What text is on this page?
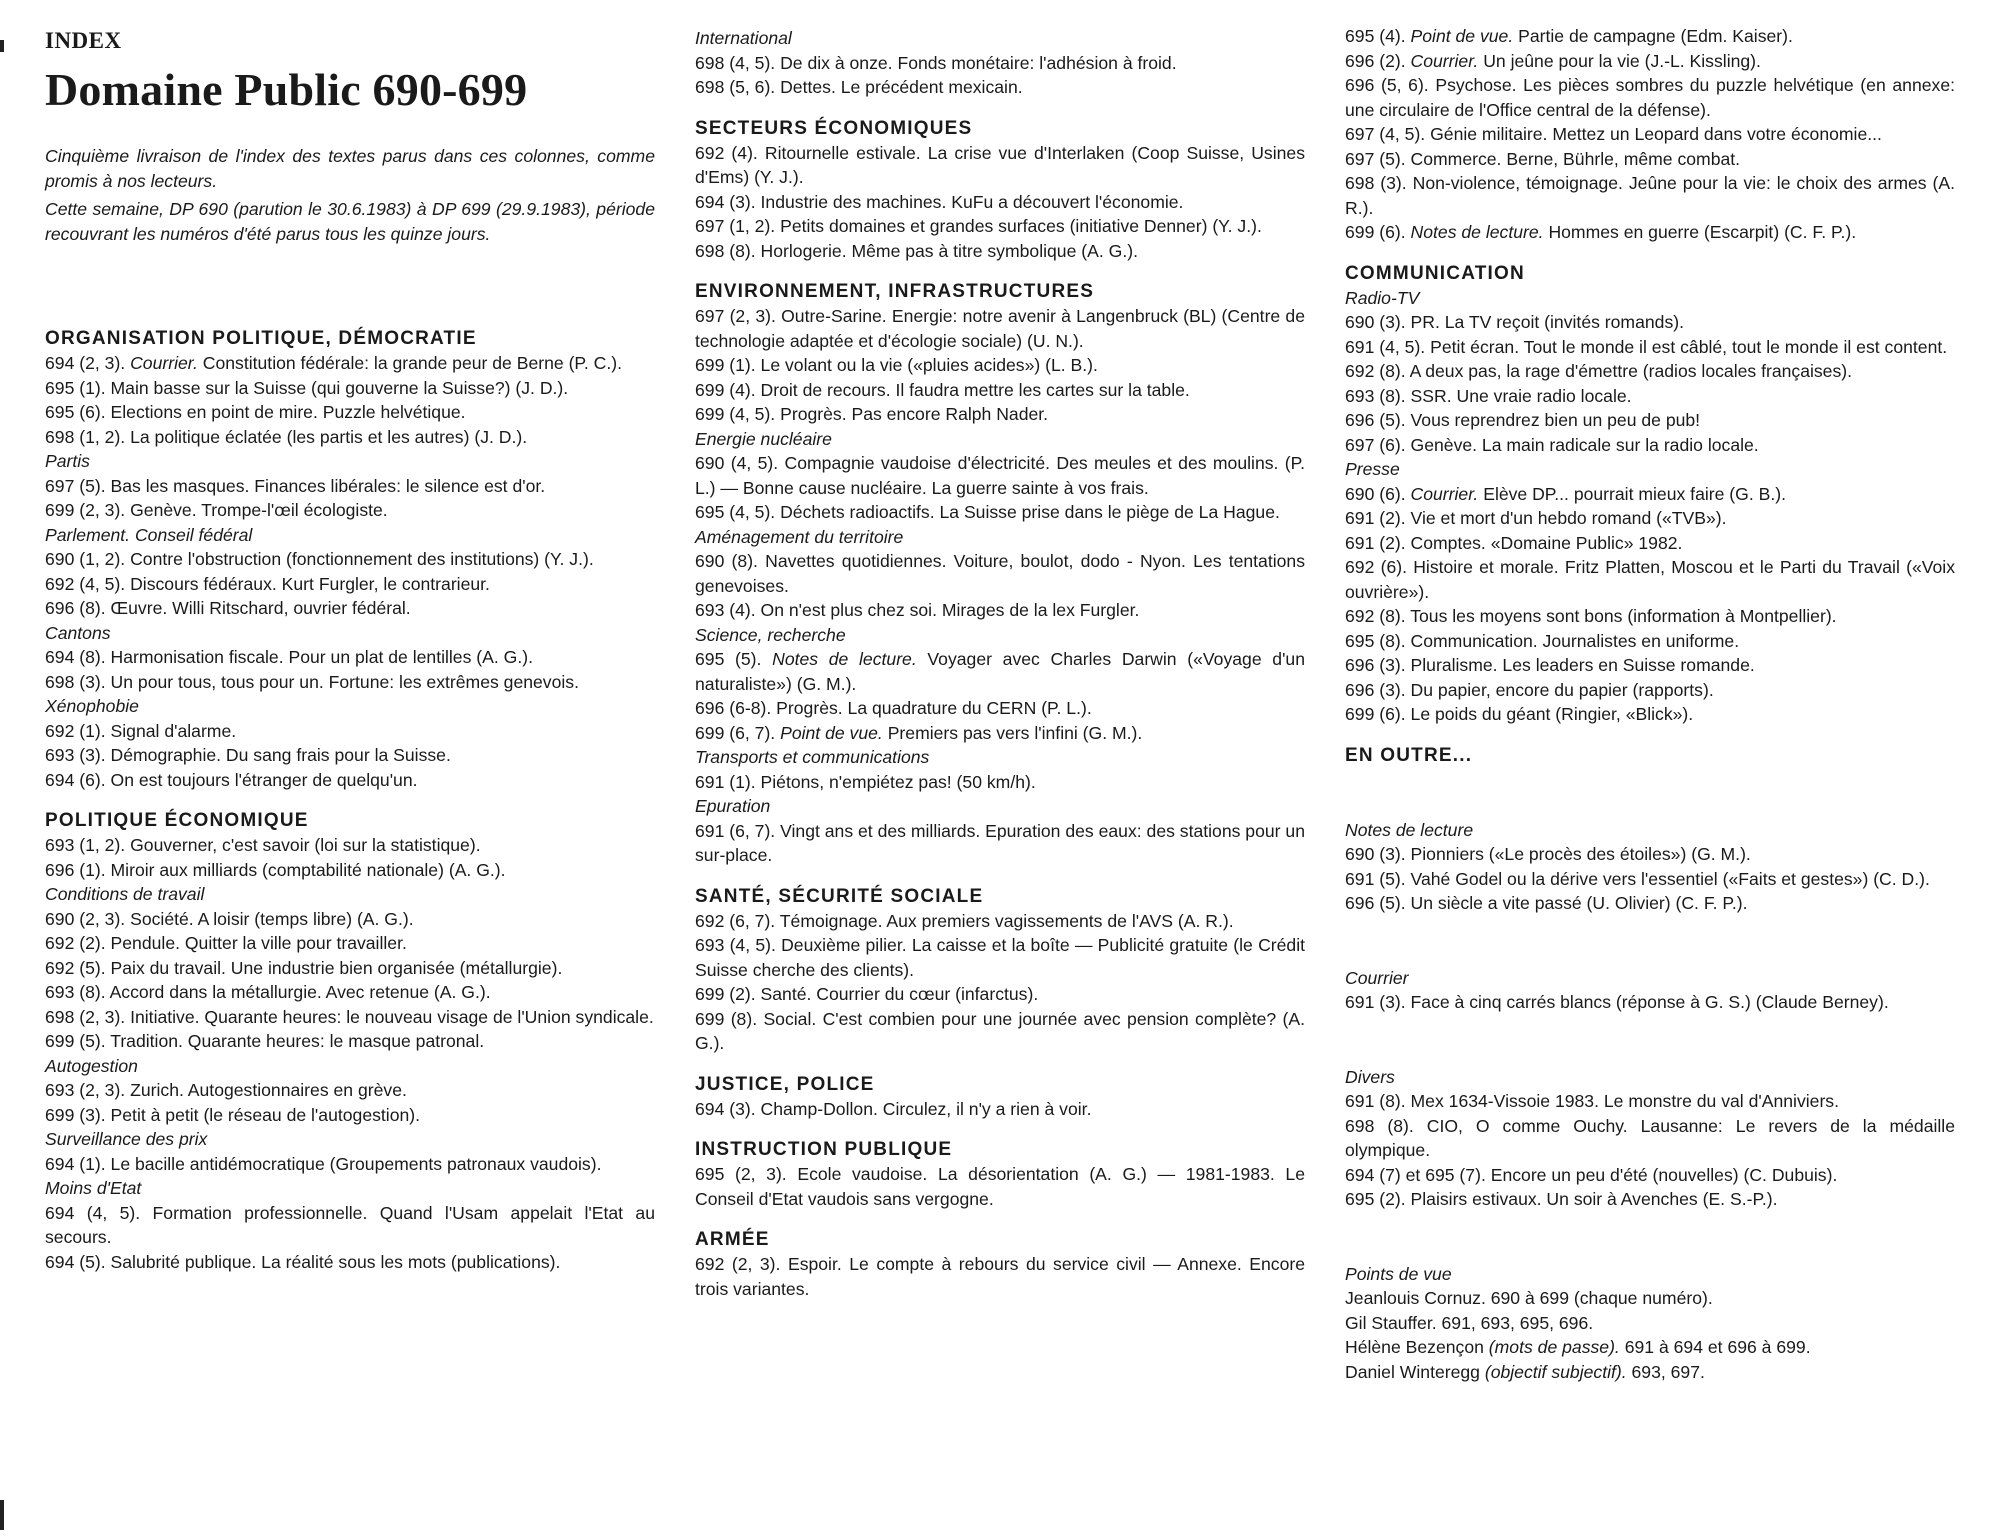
INDEX
Domaine Public 690-699
Cinquième livraison de l'index des textes parus dans ces colonnes, comme promis à nos lecteurs.
Cette semaine, DP 690 (parution le 30.6.1983) à DP 699 (29.9.1983), période recouvrant les numéros d'été parus tous les quinze jours.
ORGANISATION POLITIQUE, DÉMOCRATIE
694 (2, 3). Courrier. Constitution fédérale: la grande peur de Berne (P. C.).
695 (1). Main basse sur la Suisse (qui gouverne la Suisse?) (J. D.).
695 (6). Elections en point de mire. Puzzle helvétique.
698 (1, 2). La politique éclatée (les partis et les autres) (J. D.).
Partis
697 (5). Bas les masques. Finances libérales: le silence est d'or.
699 (2, 3). Genève. Trompe-l'œil écologiste.
Parlement. Conseil fédéral
690 (1, 2). Contre l'obstruction (fonctionnement des institutions) (Y. J.).
692 (4, 5). Discours fédéraux. Kurt Furgler, le contrarieur.
696 (8). Œuvre. Willi Ritschard, ouvrier fédéral.
Cantons
694 (8). Harmonisation fiscale. Pour un plat de lentilles (A. G.).
698 (3). Un pour tous, tous pour un. Fortune: les extrêmes genevois.
Xénophobie
692 (1). Signal d'alarme.
693 (3). Démographie. Du sang frais pour la Suisse.
694 (6). On est toujours l'étranger de quelqu'un.
POLITIQUE ÉCONOMIQUE
693 (1, 2). Gouverner, c'est savoir (loi sur la statistique).
696 (1). Miroir aux milliards (comptabilité nationale) (A. G.).
Conditions de travail
690 (2, 3). Société. A loisir (temps libre) (A. G.).
692 (2). Pendule. Quitter la ville pour travailler.
692 (5). Paix du travail. Une industrie bien organisée (métallurgie).
693 (8). Accord dans la métallurgie. Avec retenue (A. G.).
698 (2, 3). Initiative. Quarante heures: le nouveau visage de l'Union syndicale.
699 (5). Tradition. Quarante heures: le masque patronal.
Autogestion
693 (2, 3). Zurich. Autogestionnaires en grève.
699 (3). Petit à petit (le réseau de l'autogestion).
Surveillance des prix
694 (1). Le bacille antidémocratique (Groupements patronaux vaudois).
Moins d'Etat
694 (4, 5). Formation professionnelle. Quand l'Usam appelait l'Etat au secours.
694 (5). Salubrité publique. La réalité sous les mots (publications).
International
698 (4, 5). De dix à onze. Fonds monétaire: l'adhésion à froid.
698 (5, 6). Dettes. Le précédent mexicain.
SECTEURS ÉCONOMIQUES
692 (4). Ritournelle estivale. La crise vue d'Interlaken (Coop Suisse, Usines d'Ems) (Y. J.).
694 (3). Industrie des machines. KuFu a découvert l'économie.
697 (1, 2). Petits domaines et grandes surfaces (initiative Denner) (Y. J.).
698 (8). Horlogerie. Même pas à titre symbolique (A. G.).
ENVIRONNEMENT, INFRASTRUCTURES
697 (2, 3). Outre-Sarine. Energie: notre avenir à Langenbruck (BL) (Centre de technologie adaptée et d'écologie sociale) (U. N.).
699 (1). Le volant ou la vie («pluies acides») (L. B.).
699 (4). Droit de recours. Il faudra mettre les cartes sur la table.
699 (4, 5). Progrès. Pas encore Ralph Nader.
Energie nucléaire
690 (4, 5). Compagnie vaudoise d'électricité. Des meules et des moulins. (P. L.) — Bonne cause nucléaire. La guerre sainte à vos frais.
695 (4, 5). Déchets radioactifs. La Suisse prise dans le piège de La Hague.
Aménagement du territoire
690 (8). Navettes quotidiennes. Voiture, boulot, dodo - Nyon. Les tentations genevoises.
693 (4). On n'est plus chez soi. Mirages de la lex Furgler.
Science, recherche
695 (5). Notes de lecture. Voyager avec Charles Darwin («Voyage d'un naturaliste») (G. M.).
696 (6-8). Progrès. La quadrature du CERN (P. L.).
699 (6, 7). Point de vue. Premiers pas vers l'infini (G. M.).
Transports et communications
691 (1). Piétons, n'empiétez pas! (50 km/h).
Epuration
691 (6, 7). Vingt ans et des milliards. Epuration des eaux: des stations pour un sur-place.
SANTÉ, SÉCURITÉ SOCIALE
692 (6, 7). Témoignage. Aux premiers vagissements de l'AVS (A. R.).
693 (4, 5). Deuxième pilier. La caisse et la boîte — Publicité gratuite (le Crédit Suisse cherche des clients).
699 (2). Santé. Courrier du cœur (infarctus).
699 (8). Social. C'est combien pour une journée avec pension complète? (A. G.).
JUSTICE, POLICE
694 (3). Champ-Dollon. Circulez, il n'y a rien à voir.
INSTRUCTION PUBLIQUE
695 (2, 3). Ecole vaudoise. La désorientation (A. G.) — 1981-1983. Le Conseil d'Etat vaudois sans vergogne.
ARMÉE
692 (2, 3). Espoir. Le compte à rebours du service civil — Annexe. Encore trois variantes.
695 (4). Point de vue. Partie de campagne (Edm. Kaiser).
696 (2). Courrier. Un jeûne pour la vie (J.-L. Kissling).
696 (5, 6). Psychose. Les pièces sombres du puzzle helvétique (en annexe: une circulaire de l'Office central de la défense).
697 (4, 5). Génie militaire. Mettez un Leopard dans votre économie...
697 (5). Commerce. Berne, Bührle, même combat.
698 (3). Non-violence, témoignage. Jeûne pour la vie: le choix des armes (A. R.).
699 (6). Notes de lecture. Hommes en guerre (Escarpit) (C. F. P.).
COMMUNICATION
Radio-TV
690 (3). PR. La TV reçoit (invités romands).
691 (4, 5). Petit écran. Tout le monde il est câblé, tout le monde il est content.
692 (8). A deux pas, la rage d'émettre (radios locales françaises).
693 (8). SSR. Une vraie radio locale.
696 (5). Vous reprendrez bien un peu de pub!
697 (6). Genève. La main radicale sur la radio locale.
Presse
690 (6). Courrier. Elève DP... pourrait mieux faire (G. B.).
691 (2). Vie et mort d'un hebdo romand («TVB»).
691 (2). Comptes. «Domaine Public» 1982.
692 (6). Histoire et morale. Fritz Platten, Moscou et le Parti du Travail («Voix ouvrière»).
692 (8). Tous les moyens sont bons (information à Montpellier).
695 (8). Communication. Journalistes en uniforme.
696 (3). Pluralisme. Les leaders en Suisse romande.
696 (3). Du papier, encore du papier (rapports).
699 (6). Le poids du géant (Ringier, «Blick»).
EN OUTRE...
Notes de lecture
690 (3). Pionniers («Le procès des étoiles») (G. M.).
691 (5). Vahé Godel ou la dérive vers l'essentiel («Faits et gestes») (C. D.).
696 (5). Un siècle a vite passé (U. Olivier) (C. F. P.).
Courrier
691 (3). Face à cinq carrés blancs (réponse à G. S.) (Claude Berney).
Divers
691 (8). Mex 1634-Vissoie 1983. Le monstre du val d'Anniviers.
698 (8). CIO, O comme Ouchy. Lausanne: Le revers de la médaille olympique.
694 (7) et 695 (7). Encore un peu d'été (nouvelles) (C. Dubuis).
695 (2). Plaisirs estivaux. Un soir à Avenches (E. S.-P.).
Points de vue
Jeanlouis Cornuz. 690 à 699 (chaque numéro).
Gil Stauffer. 691, 693, 695, 696.
Hélène Bezençon (mots de passe). 691 à 694 et 696 à 699.
Daniel Winteregg (objectif subjectif). 693, 697.
